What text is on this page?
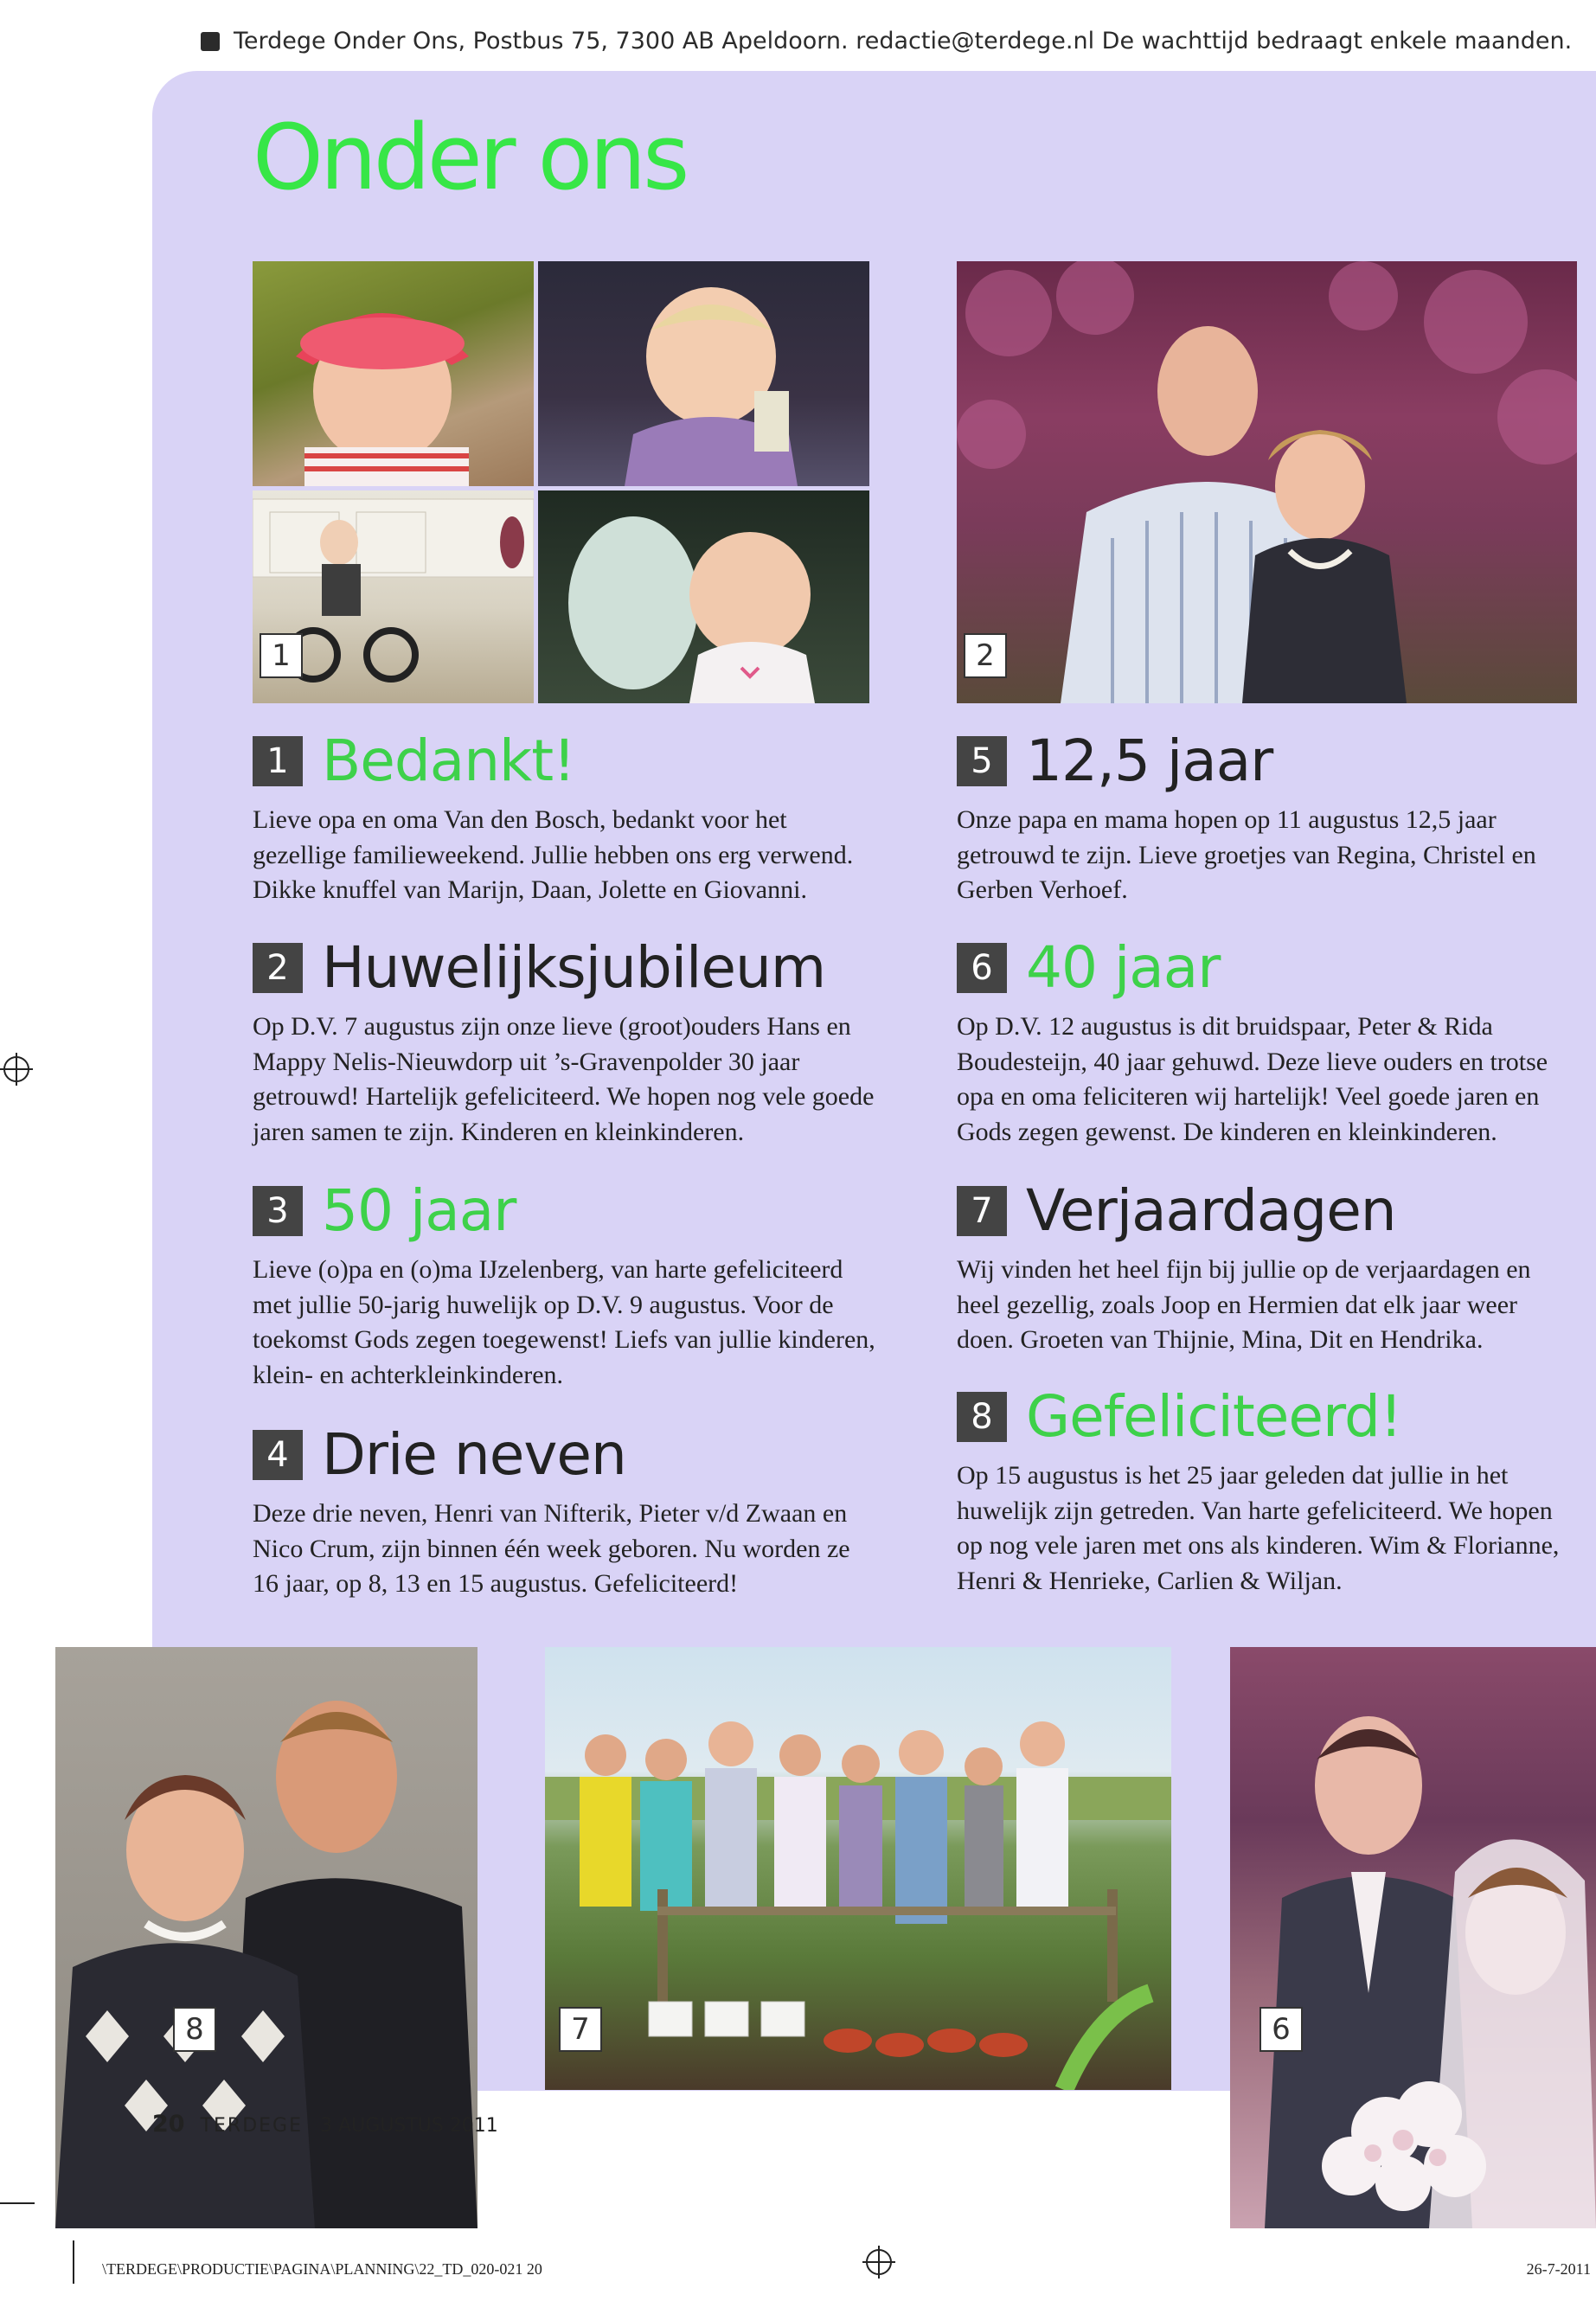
Terdege Onder Ons, Postbus 75, 7300 AB Apeldoorn. redactie@terdege.nl De wachttijd bedraagt enkele maanden.
Onder ons
1	2
1 Bedankt!

Lieve opa en oma Van den Bosch, bedankt voor het gezellige familieweekend. Jullie hebben ons erg verwend. Dikke knuffel van Marijn, Daan, Jolette en Giovanni.

2 Huwelijksjubileum

Op D.V. 7 augustus zijn onze lieve (groot)ouders Hans en Mappy Nelis-Nieuwdorp uit ’s-Gravenpolder 30 jaar getrouwd! Hartelijk gefeliciteerd. We hopen nog vele goede jaren samen te zijn. Kinderen en kleinkinderen.

3 50 jaar

Lieve (o)pa en (o)ma IJzelenberg, van harte gefeliciteerd met jullie 50-jarig huwelijk op D.V. 9 augustus. Voor de toekomst Gods zegen toegewenst! Liefs van jullie kinderen, klein- en achterkleinkinderen.

4 Drie neven

Deze drie neven, Henri van Nifterik, Pieter v/d Zwaan en Nico Crum, zijn binnen één week geboren. Nu worden ze 16 jaar, op 8, 13 en 15 augustus. Gefeliciteerd!

5 12,5 jaar

Onze papa en mama hopen op 11 augustus 12,5 jaar getrouwd te zijn. Lieve groetjes van Regina, Christel en Gerben Verhoef.

6 40 jaar

Op D.V. 12 augustus is dit bruidspaar, Peter & Rida Boudesteijn, 40 jaar gehuwd. Deze lieve ouders en trotse opa en oma feliciteren wij hartelijk! Veel goede jaren en Gods zegen gewenst. De kinderen en kleinkinderen.

7 Verjaardagen

Wij vinden het heel fijn bij jullie op de verjaardagen en heel gezellig, zoals Joop en Hermien dat elk jaar weer doen. Groeten van Thijnie, Mina, Dit en Hendrika.

8 Gefeliciteerd!

Op 15 augustus is het 25 jaar geleden dat jullie in het huwelijk zijn getreden. Van harte gefeliciteerd. We hopen op nog vele jaren met ons als kinderen. Wim & Florianne, Henri & Henrieke, Carlien & Wiljan.

8	7	6
20 TERDEGE 3 AUGUSTUS 2011
\TERDEGE\PRODUCTIE\PAGINA\PLANNING\22_TD_020-021 20	26-7-2011
